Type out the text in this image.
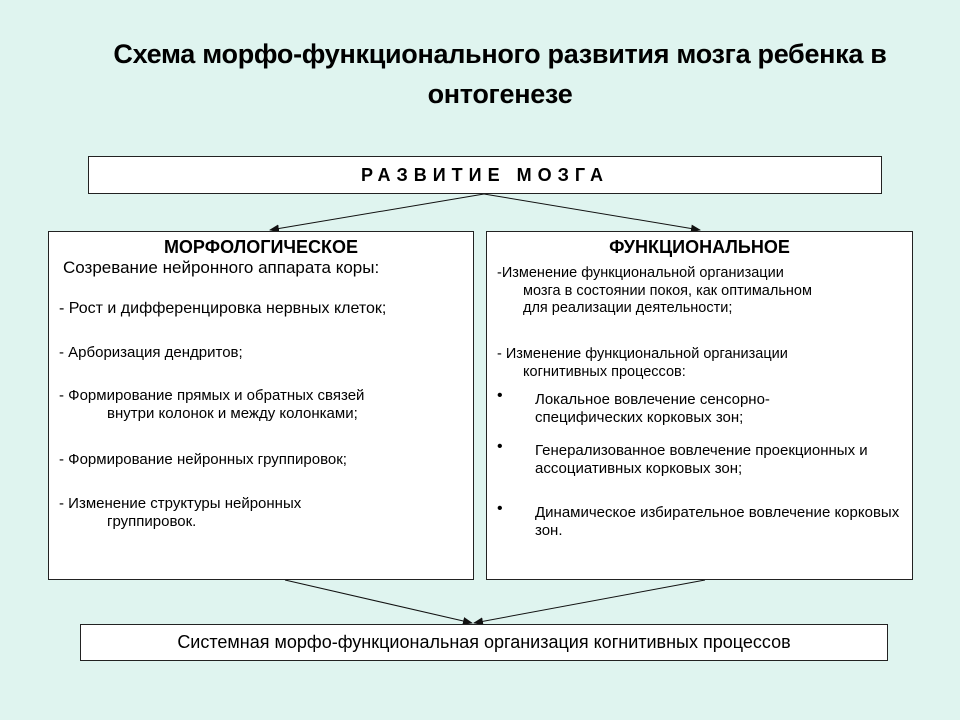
Схема морфо-функционального развития мозга ребенка в онтогенезе
РАЗВИТИЕ МОЗГА
МОРФОЛОГИЧЕСКОЕ
Созревание нейронного аппарата коры:
- Рост и дифференцировка нервных клеток;
- Арборизация дендритов;
- Формирование прямых и обратных связей
внутри колонок и между колонками;
- Формирование нейронных группировок;
- Изменение структуры нейронных
группировок.
ФУНКЦИОНАЛЬНОЕ
-Изменение функциональной организации
мозга в состоянии покоя, как оптимальном для реализации деятельности;
- Изменение функциональной организации
когнитивных процессов:
•	Локальное вовлечение сенсорно-специфических корковых зон;
•	Генерализованное вовлечение проекционных и ассоциативных корковых зон;
•	Динамическое избирательное вовлечение корковых зон.
Системная морфо-функциональная организация когнитивных процессов
